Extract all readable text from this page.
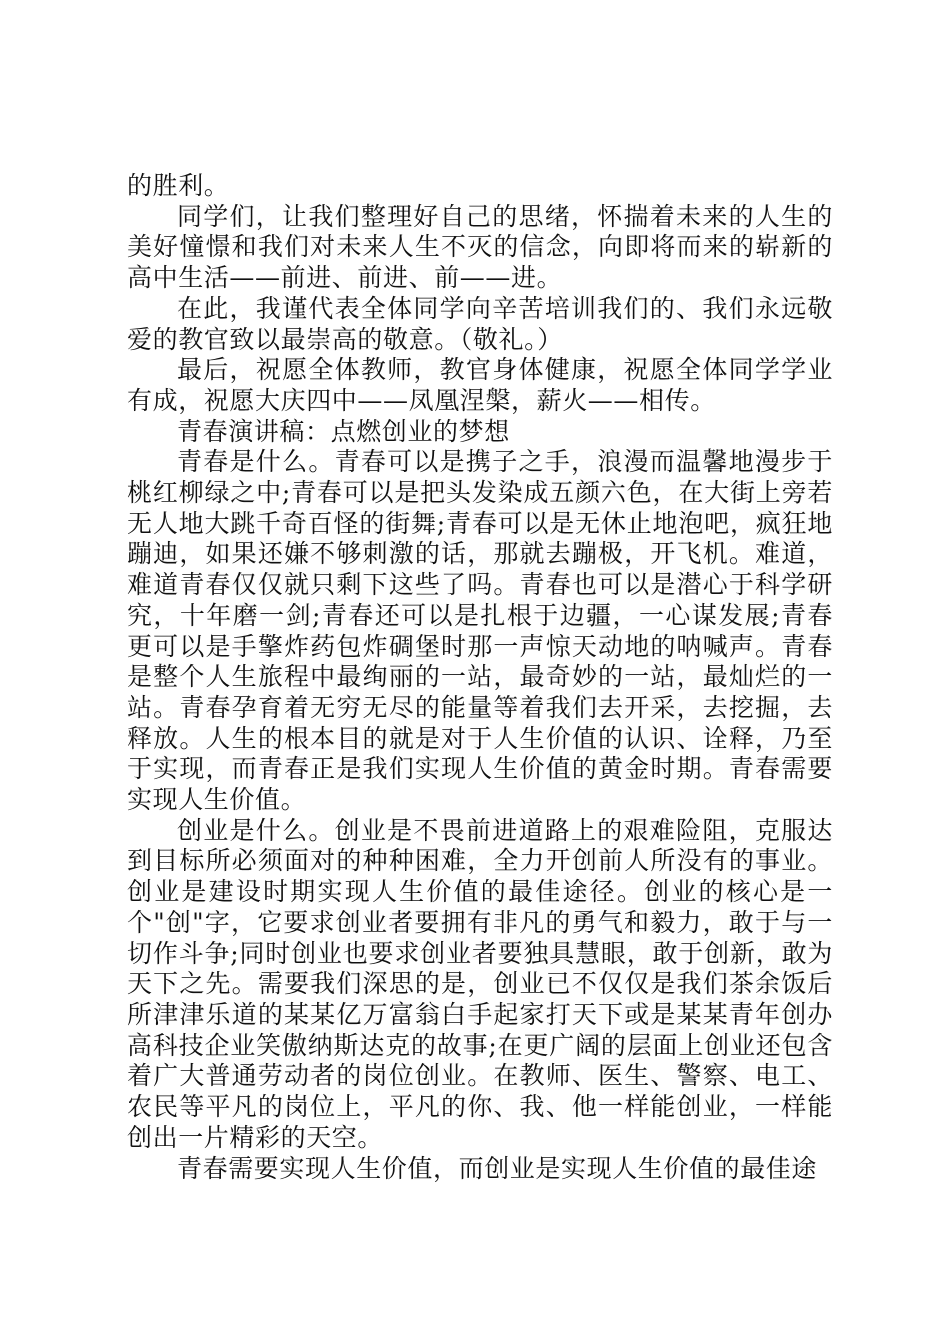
的胜利。

同学们，让我们整理好自己的思绪，怀揣着未来的人生的美好憧憬和我们对未来人生不灭的信念，向即将而来的崭新的高中生活——前进、前进、前——进。

在此，我谨代表全体同学向辛苦培训我们的、我们永远敬爱的教官致以最崇高的敬意。（敬礼。）

最后，祝愿全体教师，教官身体健康，祝愿全体同学学业有成，祝愿大庆四中——凤凰涅槃，薪火——相传。

青春演讲稿：点燃创业的梦想

青春是什么。青春可以是携子之手，浪漫而温馨地漫步于桃红柳绿之中;青春可以是把头发染成五颜六色，在大街上旁若无人地大跳千奇百怪的街舞;青春可以是无休止地泡吧，疯狂地蹦迪，如果还嫌不够刺激的话，那就去蹦极，开飞机。难道，难道青春仅仅就只剩下这些了吗。青春也可以是潜心于科学研究，十年磨一剑;青春还可以是扎根于边疆，一心谋发展;青春更可以是手擎炸药包炸碉堡时那一声惊天动地的呐喊声。青春是整个人生旅程中最绚丽的一站，最奇妙的一站，最灿烂的一站。青春孕育着无穷无尽的能量等着我们去开采，去挖掘，去释放。人生的根本目的就是对于人生价值的认识、诠释，乃至于实现，而青春正是我们实现人生价值的黄金时期。青春需要实现人生价值。

创业是什么。创业是不畏前进道路上的艰难险阻，克服达到目标所必须面对的种种困难，全力开创前人所没有的事业。创业是建设时期实现人生价值的最佳途径。创业的核心是一个"创"字，它要求创业者要拥有非凡的勇气和毅力，敢于与一切作斗争;同时创业也要求创业者要独具慧眼，敢于创新，敢为天下之先。需要我们深思的是，创业已不仅仅是我们茶余饭后所津津乐道的某某亿万富翁白手起家打天下或是某某青年创办高科技企业笑傲纳斯达克的故事;在更广阔的层面上创业还包含着广大普通劳动者的岗位创业。在教师、医生、警察、电工、农民等平凡的岗位上，平凡的你、我、他一样能创业，一样能创出一片精彩的天空。

青春需要实现人生价值，而创业是实现人生价值的最佳途
